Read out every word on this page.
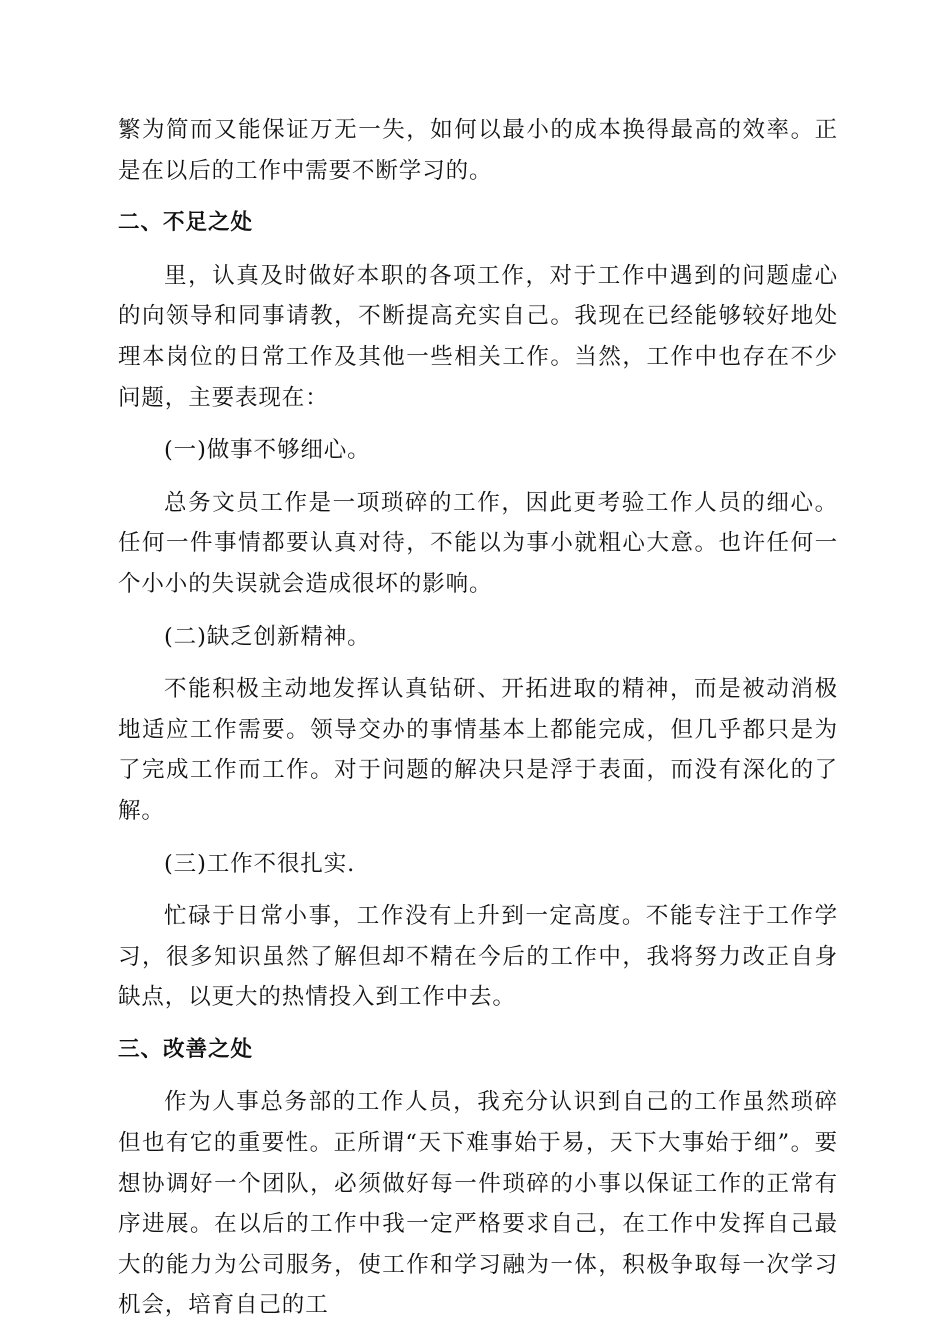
繁为简而又能保证万无一失，如何以最小的成本换得最高的效率。正是在以后的工作中需要不断学习的。

二、不足之处

里，认真及时做好本职的各项工作，对于工作中遇到的问题虚心的向领导和同事请教，不断提高充实自己。我现在已经能够较好地处理本岗位的日常工作及其他一些相关工作。当然，工作中也存在不少问题，主要表现在：

(一)做事不够细心。

总务文员工作是一项琐碎的工作，因此更考验工作人员的细心。任何一件事情都要认真对待，不能以为事小就粗心大意。也许任何一个小小的失误就会造成很坏的影响。

(二)缺乏创新精神。

不能积极主动地发挥认真钻研、开拓进取的精神，而是被动消极地适应工作需要。领导交办的事情基本上都能完成，但几乎都只是为了完成工作而工作。对于问题的解决只是浮于表面，而没有深化的了解。

(三)工作不很扎实.

忙碌于日常小事，工作没有上升到一定高度。不能专注于工作学习，很多知识虽然了解但却不精在今后的工作中，我将努力改正自身缺点，以更大的热情投入到工作中去。

三、改善之处

作为人事总务部的工作人员，我充分认识到自己的工作虽然琐碎但也有它的重要性。正所谓“天下难事始于易，天下大事始于细”。要想协调好一个团队，必须做好每一件琐碎的小事以保证工作的正常有序进展。在以后的工作中我一定严格要求自己，在工作中发挥自己最大的能力为公司服务，使工作和学习融为一体，积极争取每一次学习机会，培育自己的工
